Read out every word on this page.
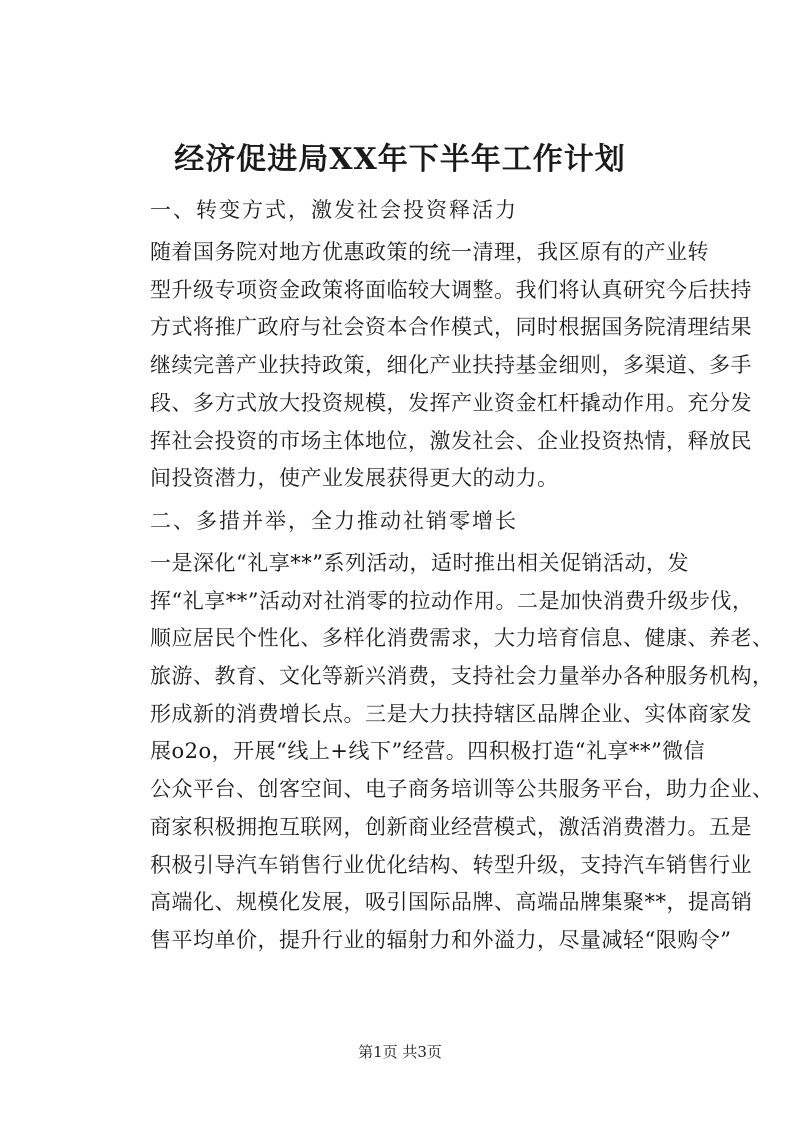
经济促进局XX年下半年工作计划
一、转变方式，激发社会投资释活力
随着国务院对地方优惠政策的统一清理，我区原有的产业转
型升级专项资金政策将面临较大调整。我们将认真研究今后扶持
方式将推广政府与社会资本合作模式，同时根据国务院清理结果
继续完善产业扶持政策，细化产业扶持基金细则，多渠道、多手
段、多方式放大投资规模，发挥产业资金杠杆撬动作用。充分发
挥社会投资的市场主体地位，激发社会、企业投资热情，释放民
间投资潜力，使产业发展获得更大的动力。
二、多措并举，全力推动社销零增长
一是深化“礼享**”系列活动，适时推出相关促销活动，发
挥“礼享**”活动对社消零的拉动作用。二是加快消费升级步伐，
顺应居民个性化、多样化消费需求，大力培育信息、健康、养老、
旅游、教育、文化等新兴消费，支持社会力量举办各种服务机构，
形成新的消费增长点。三是大力扶持辖区品牌企业、实体商家发
展o2o，开展“线上+线下”经营。四积极打造“礼享**”微信
公众平台、创客空间、电子商务培训等公共服务平台，助力企业、
商家积极拥抱互联网，创新商业经营模式，激活消费潜力。五是
积极引导汽车销售行业优化结构、转型升级，支持汽车销售行业
高端化、规模化发展，吸引国际品牌、高端品牌集聚**，提高销
售平均单价，提升行业的辐射力和外溢力，尽量减轻“限购令”
第1页 共3页
